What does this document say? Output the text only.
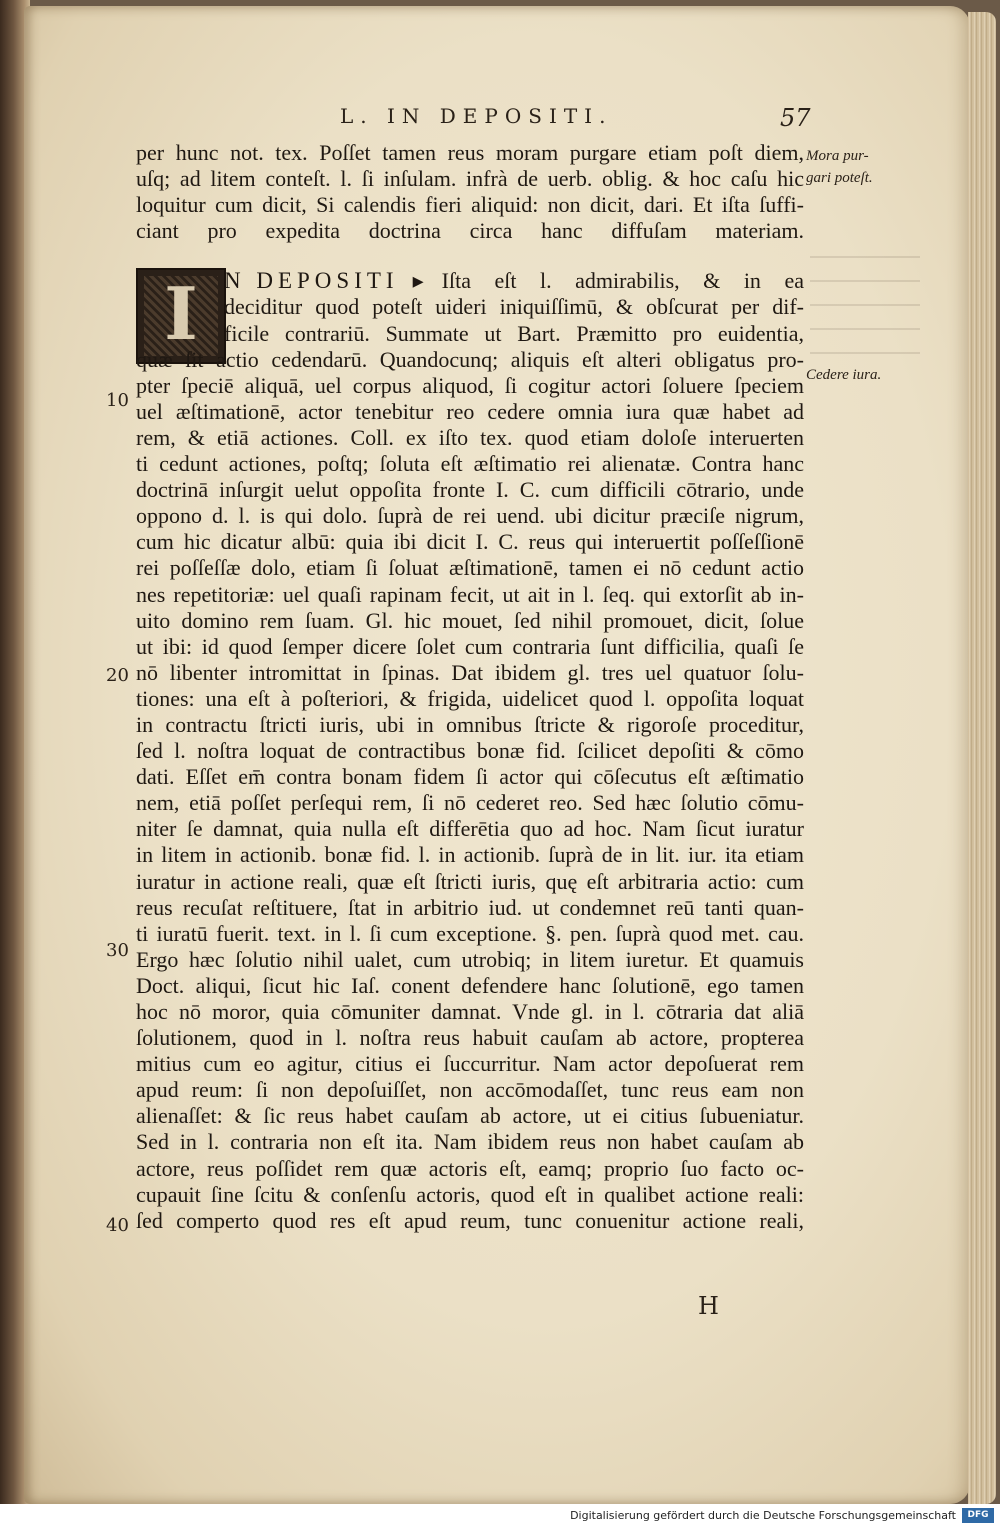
L. IN DEPOSITI.	57
I
per hunc not. tex. Poſſet tamen reus moram purgare etiam poſt diem,
uſq; ad litem conteſt. l. ſi inſulam. infrà de uerb. oblig. & hoc caſu hic
loquitur cum dicit, Si calendis fieri aliquid: non dicit, dari. Et iſta ſuffi-
ciant pro expedita doctrina circa hanc diffuſam materiam.
N DEPOSITI ▸ Iſta eſt l. admirabilis, & in ea
deciditur quod poteſt uideri iniquiſſimū, & obſcurat per dif-
ficile contrariū. Summate ut Bart. Præmitto pro euidentia,
quæ ſit actio cedendarū. Quandocunq; aliquis eſt alteri obligatus pro-
pter ſpeciē aliquā, uel corpus aliquod, ſi cogitur actori ſoluere ſpeciem
uel æſtimationē, actor tenebitur reo cedere omnia iura quæ habet ad
rem, & etiā actiones. Coll. ex iſto tex. quod etiam doloſe interuerten
ti cedunt actiones, poſtq; ſoluta eſt æſtimatio rei alienatæ. Contra hanc
doctrinā inſurgit uelut oppoſita fronte I. C. cum difficili cōtrario, unde
oppono d. l. is qui dolo. ſuprà de rei uend. ubi dicitur præciſe nigrum,
cum hic dicatur albū: quia ibi dicit I. C. reus qui interuertit poſſeſſionē
rei poſſeſſæ dolo, etiam ſi ſoluat æſtimationē, tamen ei nō cedunt actio
nes repetitoriæ: uel quaſi rapinam fecit, ut ait in l. ſeq. qui extorſit ab in-
uito domino rem ſuam. Gl. hic mouet, ſed nihil promouet, dicit, ſolue
ut ibi: id quod ſemper dicere ſolet cum contraria ſunt difficilia, quaſi ſe
nō libenter intromittat in ſpinas. Dat ibidem gl. tres uel quatuor ſolu-
tiones: una eſt à poſteriori, & frigida, uidelicet quod l. oppoſita loquat
in contractu ſtricti iuris, ubi in omnibus ſtricte & rigoroſe proceditur,
ſed l. noſtra loquat de contractibus bonæ fid. ſcilicet depoſiti & cōmo
dati. Eſſet em̄ contra bonam fidem ſi actor qui cōſecutus eſt æſtimatio
nem, etiā poſſet perſequi rem, ſi nō cederet reo. Sed hæc ſolutio cōmu-
niter ſe damnat, quia nulla eſt differētia quo ad hoc. Nam ſicut iuratur
in litem in actionib. bonæ fid. l. in actionib. ſuprà de in lit. iur. ita etiam
iuratur in actione reali, quæ eſt ſtricti iuris, quę eſt arbitraria actio: cum
reus recuſat reſtituere, ſtat in arbitrio iud. ut condemnet reū tanti quan-
ti iuratū fuerit. text. in l. ſi cum exceptione. §. pen. ſuprà quod met. cau.
Ergo hæc ſolutio nihil ualet, cum utrobiq; in litem iuretur. Et quamuis
Doct. aliqui, ſicut hic Iaſ. conent defendere hanc ſolutionē, ego tamen
hoc nō moror, quia cōmuniter damnat. Vnde gl. in l. cōtraria dat aliā
ſolutionem, quod in l. noſtra reus habuit cauſam ab actore, propterea
mitius cum eo agitur, citius ei ſuccurritur. Nam actor depoſuerat rem
apud reum: ſi non depoſuiſſet, non accōmodaſſet, tunc reus eam non
alienaſſet: & ſic reus habet cauſam ab actore, ut ei citius ſubueniatur.
Sed in l. contraria non eſt ita. Nam ibidem reus non habet cauſam ab
actore, reus poſſidet rem quæ actoris eſt, eamq; proprio ſuo facto oc-
cupauit ſine ſcitu & conſenſu actoris, quod eſt in qualibet actione reali:
ſed comperto quod res eſt apud reum, tunc conuenitur actione reali,
10
20
30
40
Mora pur-
gari poteſt.
Cedere iura.
H
Digitalisierung gefördert durch die Deutsche Forschungsgemeinschaft	DFG
